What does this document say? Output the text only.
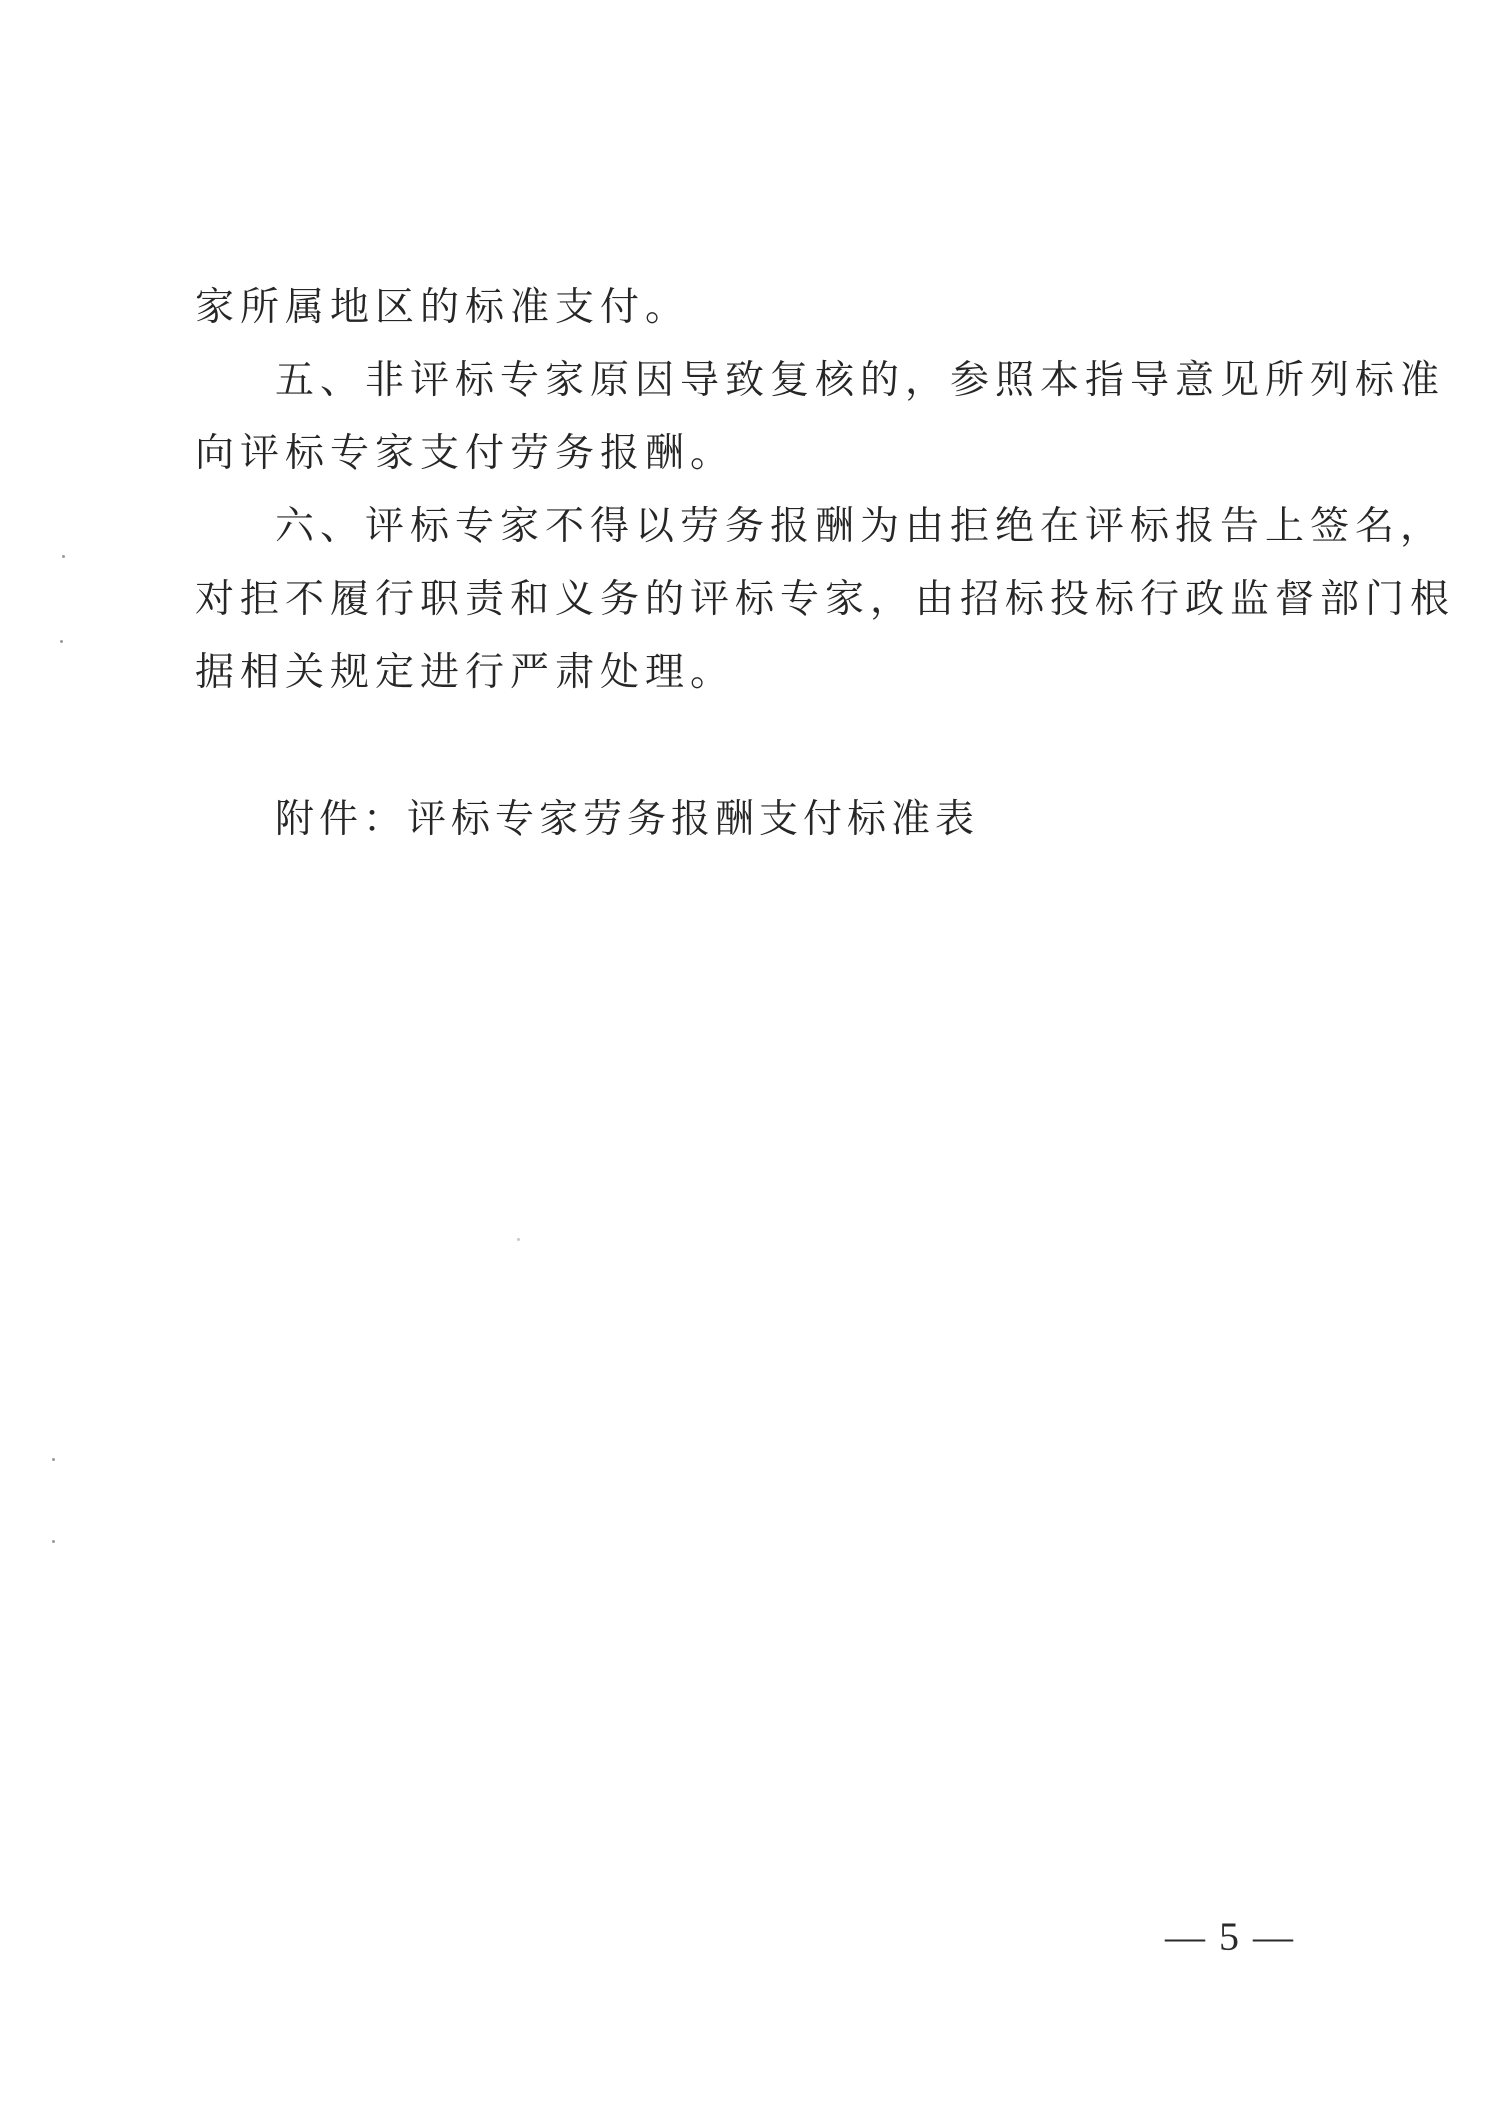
家所属地区的标准支付。
五、非评标专家原因导致复核的，参照本指导意见所列标准
向评标专家支付劳务报酬。
六、评标专家不得以劳务报酬为由拒绝在评标报告上签名，
对拒不履行职责和义务的评标专家，由招标投标行政监督部门根
据相关规定进行严肃处理。
附件：评标专家劳务报酬支付标准表
— 5 —
